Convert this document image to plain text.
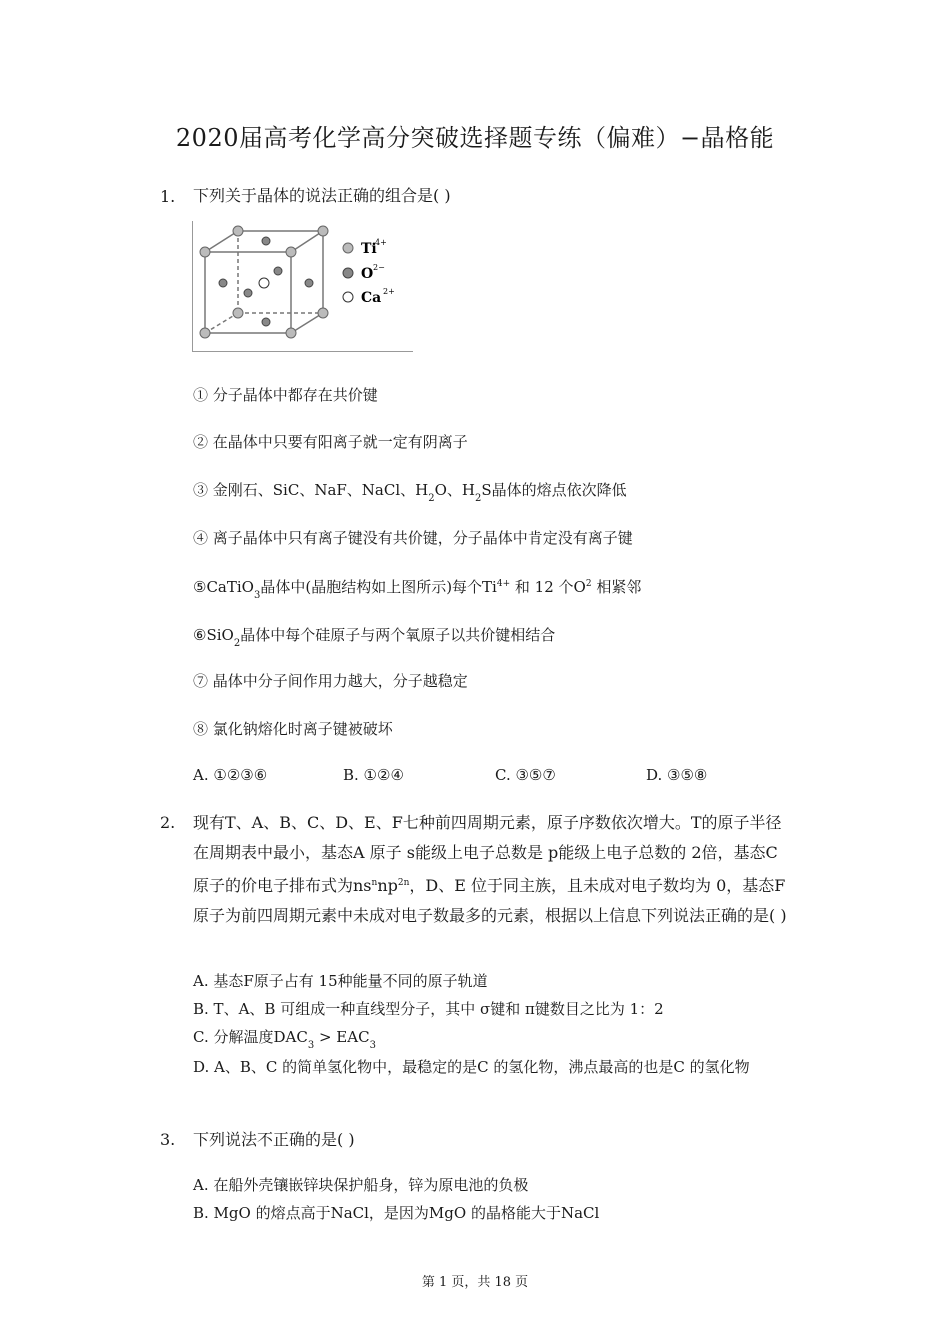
2020届高考化学高分突破选择题专练（偏难）−晶格能
1. 下列关于晶体的说法正确的组合是( )
Ti
4+
O 2−
Ca 2+
① 分子晶体中都存在共价键
② 在晶体中只要有阳离子就一定有阴离子
③ 金刚石、SiC、NaF、NaCl、$H_2O$、$H_2S$晶体的熔点依次降低
④ 离子晶体中只有离子键没有共价键，分子晶体中肯定没有离子键
⑤CaTiO$_3$晶体中(晶胞结构如上图所示)每个$Ti^{4+}$ 和 12 个$O^2$ 相紧邻
⑥SiO$_2$晶体中每个硅原子与两个氧原子以共价键相结合
⑦ 晶体中分子间作用力越大，分子越稳定
⑧ 氯化钠熔化时离子键被破坏
A. ①②③⑥	B. ①②④	C. ③⑤⑦	D. ③⑤⑧
2. 现有T、A、B、C、D、E、F七种前四周期元素，原子序数依次增大。T的原子半径在周期表中最小，基态A 原子 s能级上电子总数是 p能级上电子总数的 2倍，基态C 原子的价电子排布式为$ns^nnp^{2n}$，D、E 位于同主族，且未成对电子数均为 0，基态F原子为前四周期元素中未成对电子数最多的元素，根据以上信息下列说法正确的是( )
A. 基态F原子占有 15种能量不同的原子轨道
B. T、A、B 可组成一种直线型分子，其中 σ键和 π键数目之比为 1：2
C. 分解温度$DAC_3 > EAC_3$
D. A、B、C 的简单氢化物中，最稳定的是C 的氢化物，沸点最高的也是C 的氢化物
3. 下列说法不正确的是( )
A. 在船外壳镶嵌锌块保护船身，锌为原电池的负极
B. MgO 的熔点高于NaCl，是因为MgO 的晶格能大于NaCl
第 1 页，共 18 页
